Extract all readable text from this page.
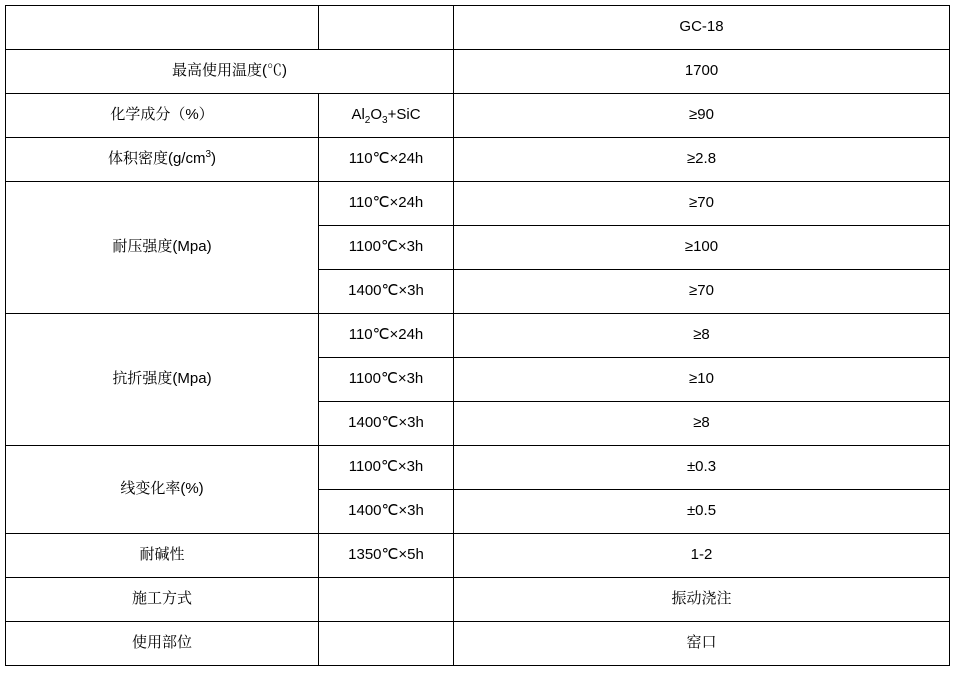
		GC-18
最高使用温度(℃)		1700
化学成分（%）	$Al_2O_3+SiC$	≥90
体积密度$(g/cm^3)$	110℃×24h	≥2.8
耐压强度(Mpa)	110℃×24h	≥70
	1100℃×3h	≥100
	1400℃×3h	≥70
抗折强度(Mpa)	110℃×24h	≥8
	1100℃×3h	≥10
	1400℃×3h	≥8
线变化率(%)	1100℃×3h	±0.3
	1400℃×3h	±0.5
耐碱性	1350℃×5h	1-2
施工方式		振动浇注
使用部位		窑口
